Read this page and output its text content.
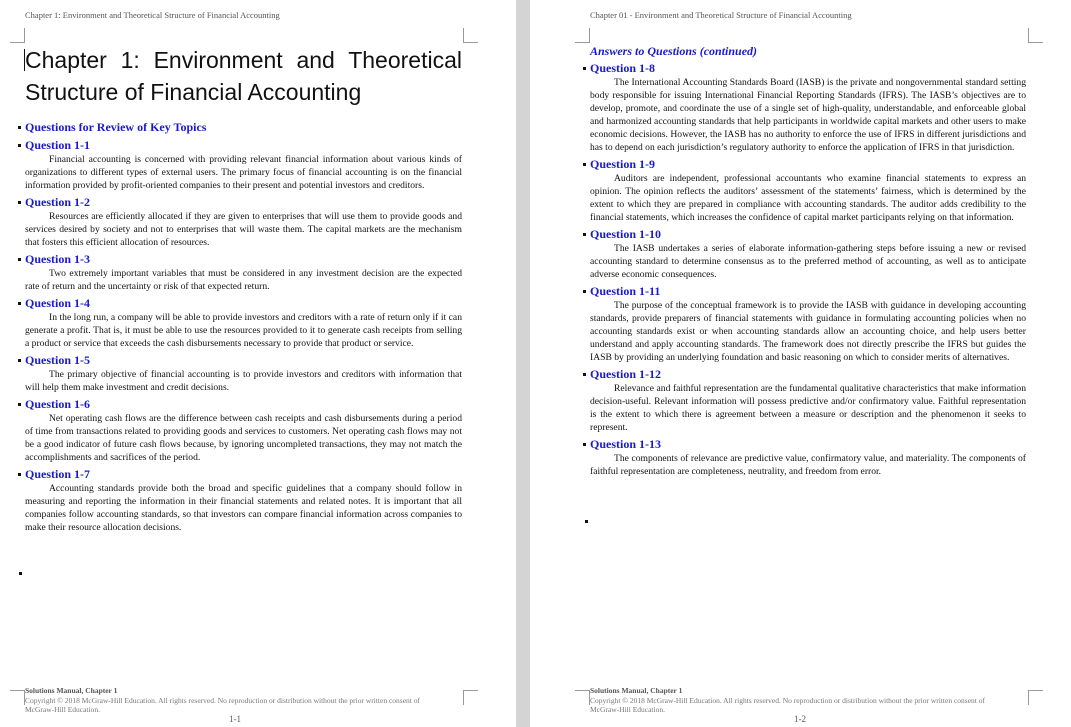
Chapter 1: Environment and Theoretical Structure of Financial Accounting
Chapter 1: Environment and Theoretical Structure of Financial Accounting
Questions for Review of Key Topics
Question 1-1

Financial accounting is concerned with providing relevant financial information about various kinds of organizations to different types of external users. The primary focus of financial accounting is on the financial information provided by profit-oriented companies to their present and potential investors and creditors.

Question 1-2

Resources are efficiently allocated if they are given to enterprises that will use them to provide goods and services desired by society and not to enterprises that will waste them. The capital markets are the mechanism that fosters this efficient allocation of resources.

Question 1-3

Two extremely important variables that must be considered in any investment decision are the expected rate of return and the uncertainty or risk of that expected return.

Question 1-4

In the long run, a company will be able to provide investors and creditors with a rate of return only if it can generate a profit. That is, it must be able to use the resources provided to it to generate cash receipts from selling a product or service that exceeds the cash disbursements necessary to provide that product or service.

Question 1-5

The primary objective of financial accounting is to provide investors and creditors with information that will help them make investment and credit decisions.

Question 1-6

Net operating cash flows are the difference between cash receipts and cash disbursements during a period of time from transactions related to providing goods and services to customers. Net operating cash flows may not be a good indicator of future cash flows because, by ignoring uncompleted transactions, they may not match the accomplishments and sacrifices of the period.

Question 1-7

Accounting standards provide both the broad and specific guidelines that a company should follow in measuring and reporting the information in their financial statements and related notes. It is important that all companies follow accounting standards, so that investors can compare financial information across companies to make their resource allocation decisions.

Solutions Manual, Chapter 1
Copyright © 2018 McGraw-Hill Education. All rights reserved. No reproduction or distribution without the prior written consent of McGraw-Hill Education.
1-1
Chapter 01 - Environment and Theoretical Structure of Financial Accounting
Answers to Questions (continued)
Question 1-8

The International Accounting Standards Board (IASB) is the private and nongovernmental standard setting body responsible for issuing International Financial Reporting Standards (IFRS). The IASB’s objectives are to develop, promote, and coordinate the use of a single set of high-quality, understandable, and enforceable global and harmonized accounting standards that help participants in worldwide capital markets and other users to make economic decisions. However, the IASB has no authority to enforce the use of IFRS in different jurisdictions and has to depend on each jurisdiction’s regulatory authority to enforce the application of IFRS in that jurisdiction.

Question 1-9

Auditors are independent, professional accountants who examine financial statements to express an opinion. The opinion reflects the auditors’ assessment of the statements’ fairness, which is determined by the extent to which they are prepared in compliance with accounting standards. The auditor adds credibility to the financial statements, which increases the confidence of capital market participants relying on that information.

Question 1-10

The IASB undertakes a series of elaborate information-gathering steps before issuing a new or revised accounting standard to determine consensus as to the preferred method of accounting, as well as to anticipate adverse economic consequences.

Question 1-11

The purpose of the conceptual framework is to provide the IASB with guidance in developing accounting standards, provide preparers of financial statements with guidance in formulating accounting policies when no accounting standards exist or when accounting standards allow an accounting choice, and help users better understand and apply accounting standards. The framework does not directly prescribe the IFRS but guides the IASB by providing an underlying foundation and basic reasoning on which to consider merits of alternatives.

Question 1-12

Relevance and faithful representation are the fundamental qualitative characteristics that make information decision-useful. Relevant information will possess predictive and/or confirmatory value. Faithful representation is the extent to which there is agreement between a measure or description and the phenomenon it seeks to represent.

Question 1-13

The components of relevance are predictive value, confirmatory value, and materiality. The components of faithful representation are completeness, neutrality, and freedom from error.

Solutions Manual, Chapter 1
Copyright © 2018 McGraw-Hill Education. All rights reserved. No reproduction or distribution without the prior written consent of McGraw-Hill Education.
1-2
